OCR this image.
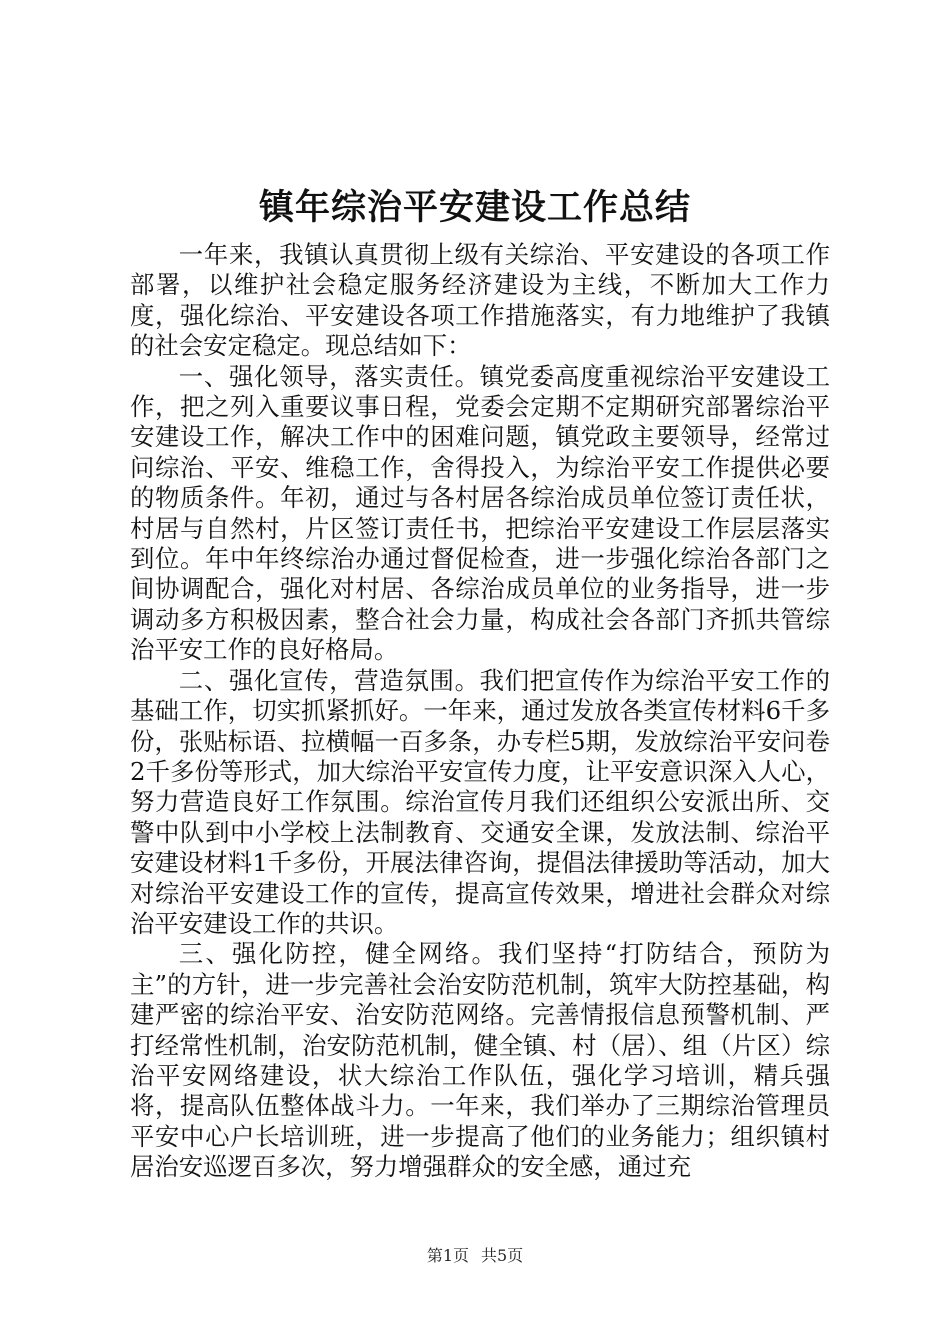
镇年综治平安建设工作总结

一年来，我镇认真贯彻上级有关综治、平安建设的各项工作部署，以维护社会稳定服务经济建设为主线，不断加大工作力度，强化综治、平安建设各项工作措施落实，有力地维护了我镇的社会安定稳定。现总结如下：

一、强化领导，落实责任。镇党委高度重视综治平安建设工作，把之列入重要议事日程，党委会定期不定期研究部署综治平安建设工作，解决工作中的困难问题，镇党政主要领导，经常过问综治、平安、维稳工作，舍得投入，为综治平安工作提供必要的物质条件。年初，通过与各村居各综治成员单位签订责任状，村居与自然村，片区签订责任书，把综治平安建设工作层层落实到位。年中年终综治办通过督促检查，进一步强化综治各部门之间协调配合，强化对村居、各综治成员单位的业务指导，进一步调动多方积极因素，整合社会力量，构成社会各部门齐抓共管综治平安工作的良好格局。

二、强化宣传，营造氛围。我们把宣传作为综治平安工作的基础工作，切实抓紧抓好。一年来，通过发放各类宣传材料6千多份，张贴标语、拉横幅一百多条，办专栏5期，发放综治平安问卷2千多份等形式，加大综治平安宣传力度，让平安意识深入人心，努力营造良好工作氛围。综治宣传月我们还组织公安派出所、交警中队到中小学校上法制教育、交通安全课，发放法制、综治平安建设材料1千多份，开展法律咨询，提倡法律援助等活动，加大对综治平安建设工作的宣传，提高宣传效果，增进社会群众对综治平安建设工作的共识。

三、强化防控，健全网络。我们坚持“打防结合，预防为主”的方针，进一步完善社会治安防范机制，筑牢大防控基础，构建严密的综治平安、治安防范网络。完善情报信息预警机制、严打经常性机制，治安防范机制，健全镇、村（居）、组（片区）综治平安网络建设，状大综治工作队伍，强化学习培训，精兵强将，提高队伍整体战斗力。一年来，我们举办了三期综治管理员平安中心户长培训班，进一步提高了他们的业务能力；组织镇村居治安巡逻百多次，努力增强群众的安全感，通过充

第1页 共5页
